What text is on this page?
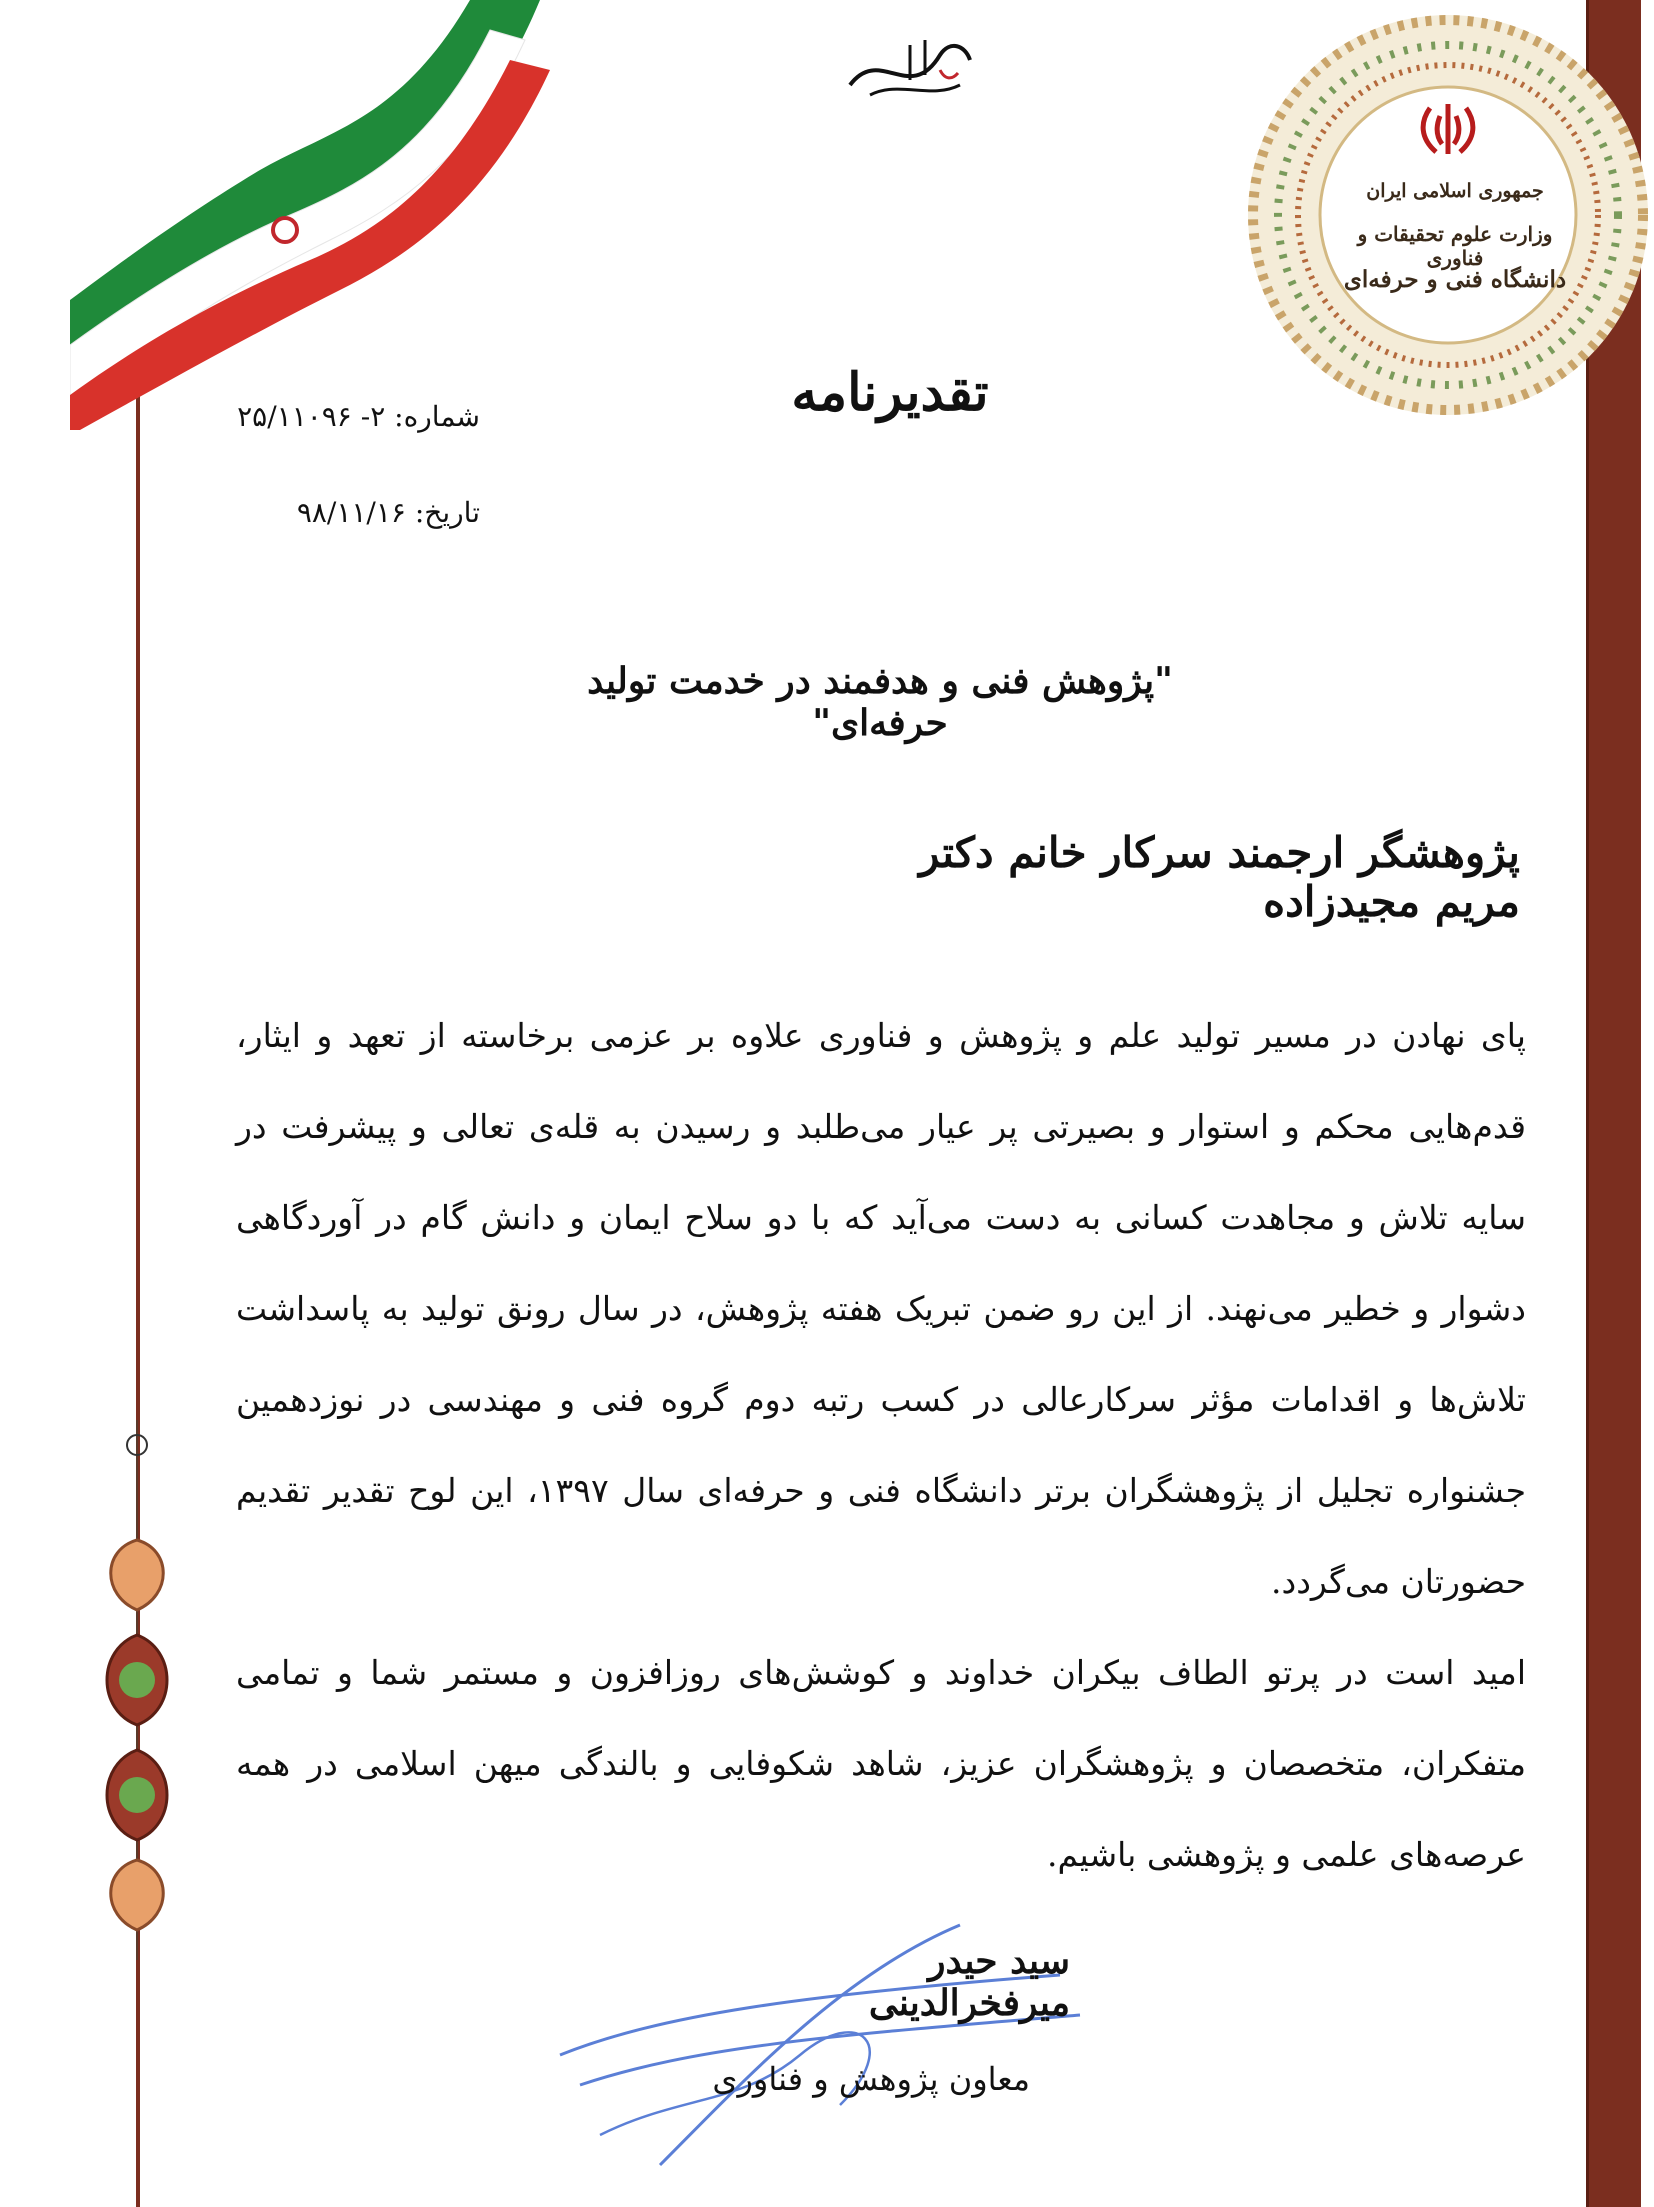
جمهوری اسلامی ایران
وزارت علوم تحقیقات و فناوری
دانشگاه فنی و حرفه‌ای
تقدیرنامه
شماره: ۲- ۲۵/۱۱۰۹۶
تاریخ: ۹۸/۱۱/۱۶
"پژوهش فنی و هدفمند در خدمت تولید حرفه‌ای"
پژوهشگر ارجمند سرکار خانم دکتر مریم مجیدزاده

پای نهادن در مسیر تولید علم و پژوهش و فناوری علاوه بر عزمی برخاسته از تعهد و ایثار، قدم‌هایی محکم و استوار و بصیرتی پر عیار می‌طلبد و رسیدن به قله‌ی تعالی و پیشرفت در سایه تلاش و مجاهدت کسانی به دست می‌آید که با دو سلاح ایمان و دانش گام در آوردگاهی دشوار و خطیر می‌نهند. از این رو ضمن تبریک هفته پژوهش، در سال رونق تولید به پاسداشت تلاش‌ها و اقدامات مؤثر سرکارعالی در کسب رتبه دوم گروه فنی و مهندسی در نوزدهمین جشنواره تجلیل از پژوهشگران برتر دانشگاه فنی و حرفه‌ای سال ۱۳۹۷، این لوح تقدیر تقدیم حضورتان می‌گردد.

امید است در پرتو الطاف بیکران خداوند و کوشش‌های روزافزون و مستمر شما و تمامی متفکران، متخصصان و پژوهشگران عزیز، شاهد شکوفایی و بالندگی میهن اسلامی در همه عرصه‌های علمی و پژوهشی باشیم.

سید حیدر میرفخرالدینی
معاون پژوهش و فناوری
